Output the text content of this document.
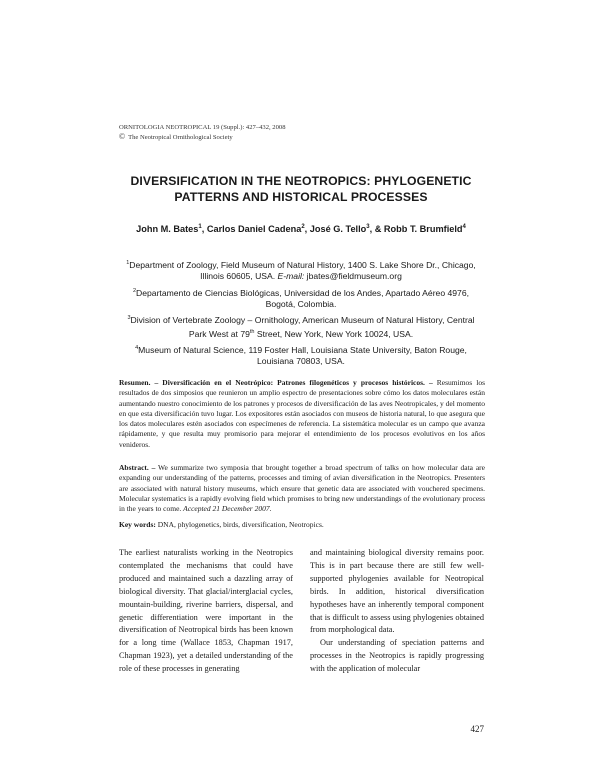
ORNITOLOGIA NEOTROPICAL 19 (Suppl.): 427–432, 2008
© The Neotropical Ornithological Society
DIVERSIFICATION IN THE NEOTROPICS: PHYLOGENETIC
PATTERNS AND HISTORICAL PROCESSES
John M. Bates$^1$, Carlos Daniel Cadena$^2$, José G. Tello$^3$, & Robb T. Brumfield$^4$
$^1$Department of Zoology, Field Museum of Natural History, 1400 S. Lake Shore Dr., Chicago, Illinois 60605, USA. E-mail: jbates@fieldmuseum.org
$^2$Departamento de Ciencias Biológicas, Universidad de los Andes, Apartado Aéreo 4976, Bogotá, Colombia.
$^3$Division of Vertebrate Zoology – Ornithology, American Museum of Natural History, Central Park West at 79th Street, New York, New York 10024, USA.
$^4$Museum of Natural Science, 119 Foster Hall, Louisiana State University, Baton Rouge, Louisiana 70803, USA.
Resumen. – Diversificación en el Neotrópico: Patrones filogenéticos y procesos históricos. – Resumimos los resultados de dos simposios que reunieron un amplio espectro de presentaciones sobre cómo los datos moleculares están aumentando nuestro conocimiento de los patrones y procesos de diversificación de las aves Neotropicales, y del momento en que esta diversificación tuvo lugar. Los expositores están asociados con museos de historia natural, lo que asegura que los datos moleculares estén asociados con especímenes de referencia. La sistemática molecular es un campo que avanza rápidamente, y que resulta muy promisorio para mejorar el entendimiento de los procesos evolutivos en los años venideros.
Abstract. – We summarize two symposia that brought together a broad spectrum of talks on how molecular data are expanding our understanding of the patterns, processes and timing of avian diversification in the Neotropics. Presenters are associated with natural history museums, which ensure that genetic data are associated with vouchered specimens. Molecular systematics is a rapidly evolving field which promises to bring new understandings of the evolutionary process in the years to come. Accepted 21 December 2007.
Key words: DNA, phylogenetics, birds, diversification, Neotropics.

The earliest naturalists working in the Neotropics contemplated the mechanisms that could have produced and maintained such a dazzling array of biological diversity. That glacial/interglacial cycles, mountain-building, riverine barriers, dispersal, and genetic differentiation were important in the diversification of Neotropical birds has been known for a long time (Wallace 1853, Chapman 1917, Chapman 1923), yet a detailed understanding of the role of these processes in generating

and maintaining biological diversity remains poor. This is in part because there are still few well-supported phylogenies available for Neotropical birds. In addition, historical diversification hypotheses have an inherently temporal component that is difficult to assess using phylogenies obtained from morphological data.

Our understanding of speciation patterns and processes in the Neotropics is rapidly progressing with the application of molecular

427
